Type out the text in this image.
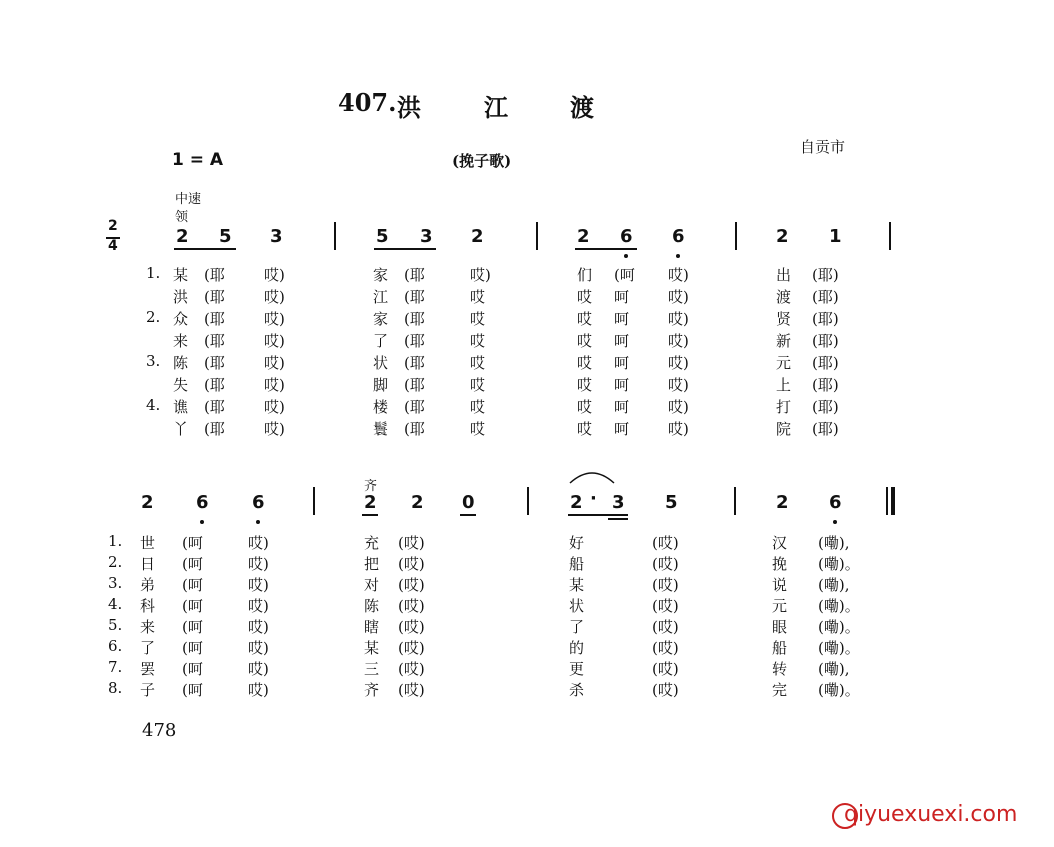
407. 洪	江	渡
1 = A	(挽子歌)
自贡市
中速
领
2
4	2 5 3	5 3 2	2 6 6	2 1
1. 某 (耶	哎)	家 (耶	哎)	们 (呵 哎)	出 (耶)
洪 (耶	哎)	江 (耶	哎	哎 呵	哎)	渡 (耶)
2. 众 (耶	哎)	家 (耶	哎	哎 呵	哎)	贤 (耶)
来 (耶	哎)	了 (耶	哎	哎 呵	哎)	新 (耶)
3. 陈 (耶	哎)	状 (耶	哎	哎 呵	哎)	元 (耶)
失 (耶	哎)	脚 (耶	哎	哎 呵	哎)	上 (耶)
4. 谯 (耶	哎)	楼 (耶	哎	哎 呵	哎)	打 (耶)
丫 (耶	哎)	鬟 (耶	哎	哎 呵	哎)	院 (耶)
齐
2 6 6	2 2 0	2 · 3 5	2 6
1. 世 (呵	哎)	充 (哎)	好	(哎)	汉 (嘞),
2. 日 (呵	哎)	把 (哎)	船	(哎)	挽 (嘞)。
3. 弟 (呵	哎)	对 (哎)	某	(哎)	说 (嘞),
4. 科 (呵	哎)	陈 (哎)	状	(哎)	元 (嘞)。
5. 来 (呵	哎)	瞎 (哎)	了	(哎)	眼 (嘞)。
6. 了 (呵	哎)	某 (哎)	的	(哎)	船 (嘞)。
7. 罢 (呵	哎)	三 (哎)	更	(哎)	转 (嘞),
8. 子 (呵	哎)	齐 (哎)	杀	(哎)	完 (嘞)。
478
qiyuexuexi.com
